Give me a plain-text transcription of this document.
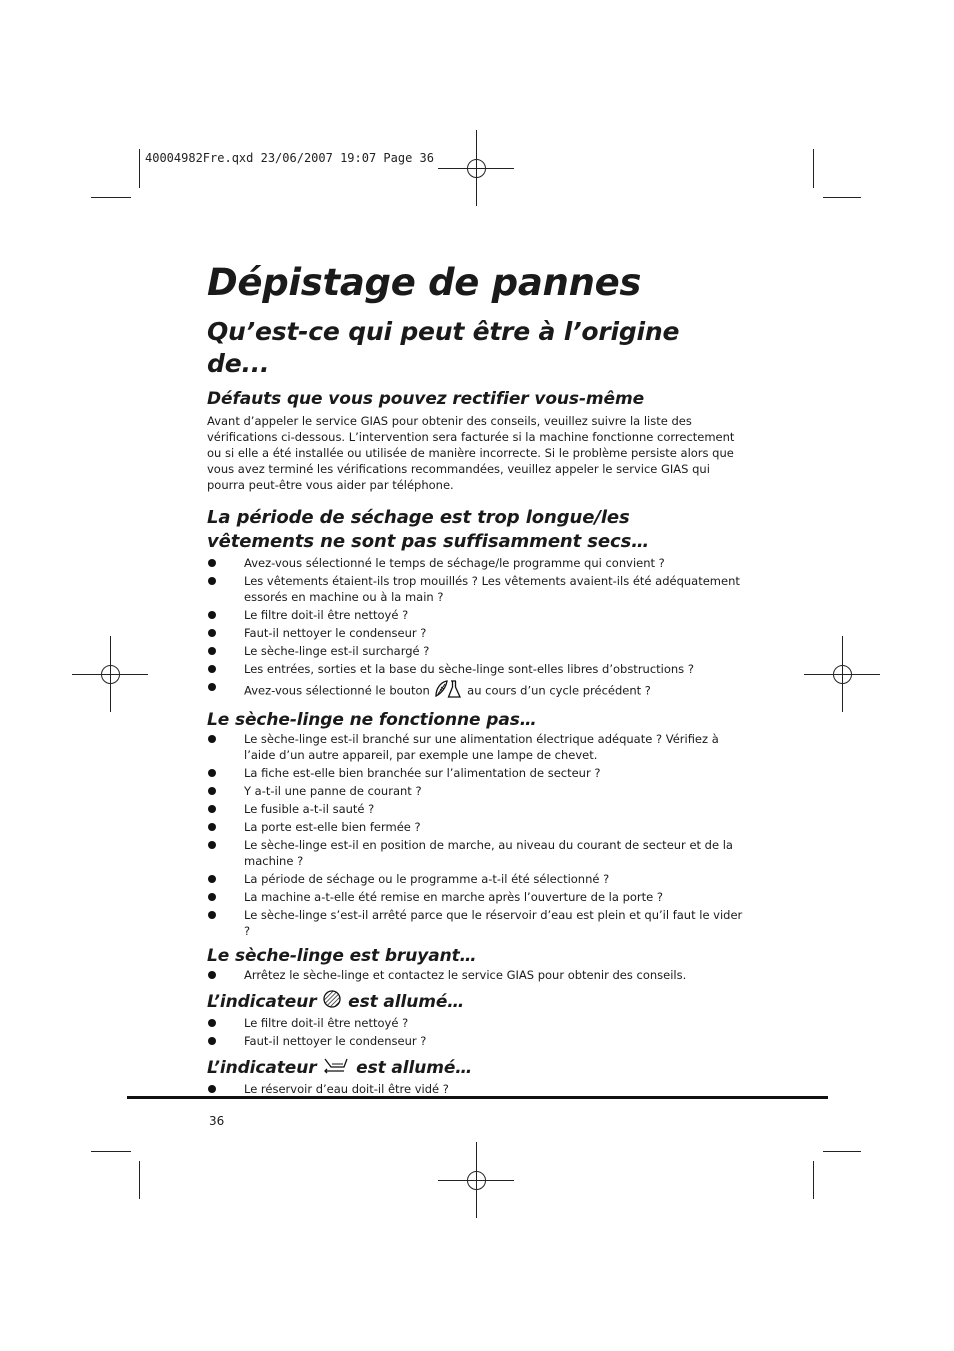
40004982Fre.qxd 23/06/2007 19:07 Page 36
Dépistage de pannes
Qu’est-ce qui peut être à l’origine de...
Défauts que vous pouvez rectifier vous-même

Avant d’appeler le service GIAS pour obtenir des conseils, veuillez suivre la liste des vérifications ci-dessous. L’intervention sera facturée si la machine fonctionne correctement ou si elle a été installée ou utilisée de manière incorrecte. Si le problème persiste alors que vous avez terminé les vérifications recommandées, veuillez appeler le service GIAS qui pourra peut-être vous aider par téléphone.

La période de séchage est trop longue/les vêtements ne sont pas suffisamment secs…
Avez-vous sélectionné le temps de séchage/le programme qui convient ?
Les vêtements étaient-ils trop mouillés ? Les vêtements avaient-ils été adéquatement essorés en machine ou à la main ?
Le filtre doit-il être nettoyé ?
Faut-il nettoyer le condenseur ?
Le sèche-linge est-il surchargé ?
Les entrées, sorties et la base du sèche-linge sont-elles libres d’obstructions ?
Avez-vous sélectionné le bouton	au cours d’un cycle précédent ?
Le sèche-linge ne fonctionne pas…
Le sèche-linge est-il branché sur une alimentation électrique adéquate ? Vérifiez à l’aide d’un autre appareil, par exemple une lampe de chevet.
La fiche est-elle bien branchée sur l’alimentation de secteur ?
Y a-t-il une panne de courant ?
Le fusible a-t-il sauté ?
La porte est-elle bien fermée ?
Le sèche-linge est-il en position de marche, au niveau du courant de secteur et de la machine ?
La période de séchage ou le programme a-t-il été sélectionné ?
La machine a-t-elle été remise en marche après l’ouverture de la porte ?
Le sèche-linge s’est-il arrêté parce que le réservoir d’eau est plein et qu’il faut le vider ?
Le sèche-linge est bruyant…
Arrêtez le sèche-linge et contactez le service GIAS pour obtenir des conseils.
L’indicateur est allumé…
Le filtre doit-il être nettoyé ?
Faut-il nettoyer le condenseur ?
L’indicateur est allumé…
Le réservoir d’eau doit-il être vidé ?
36
